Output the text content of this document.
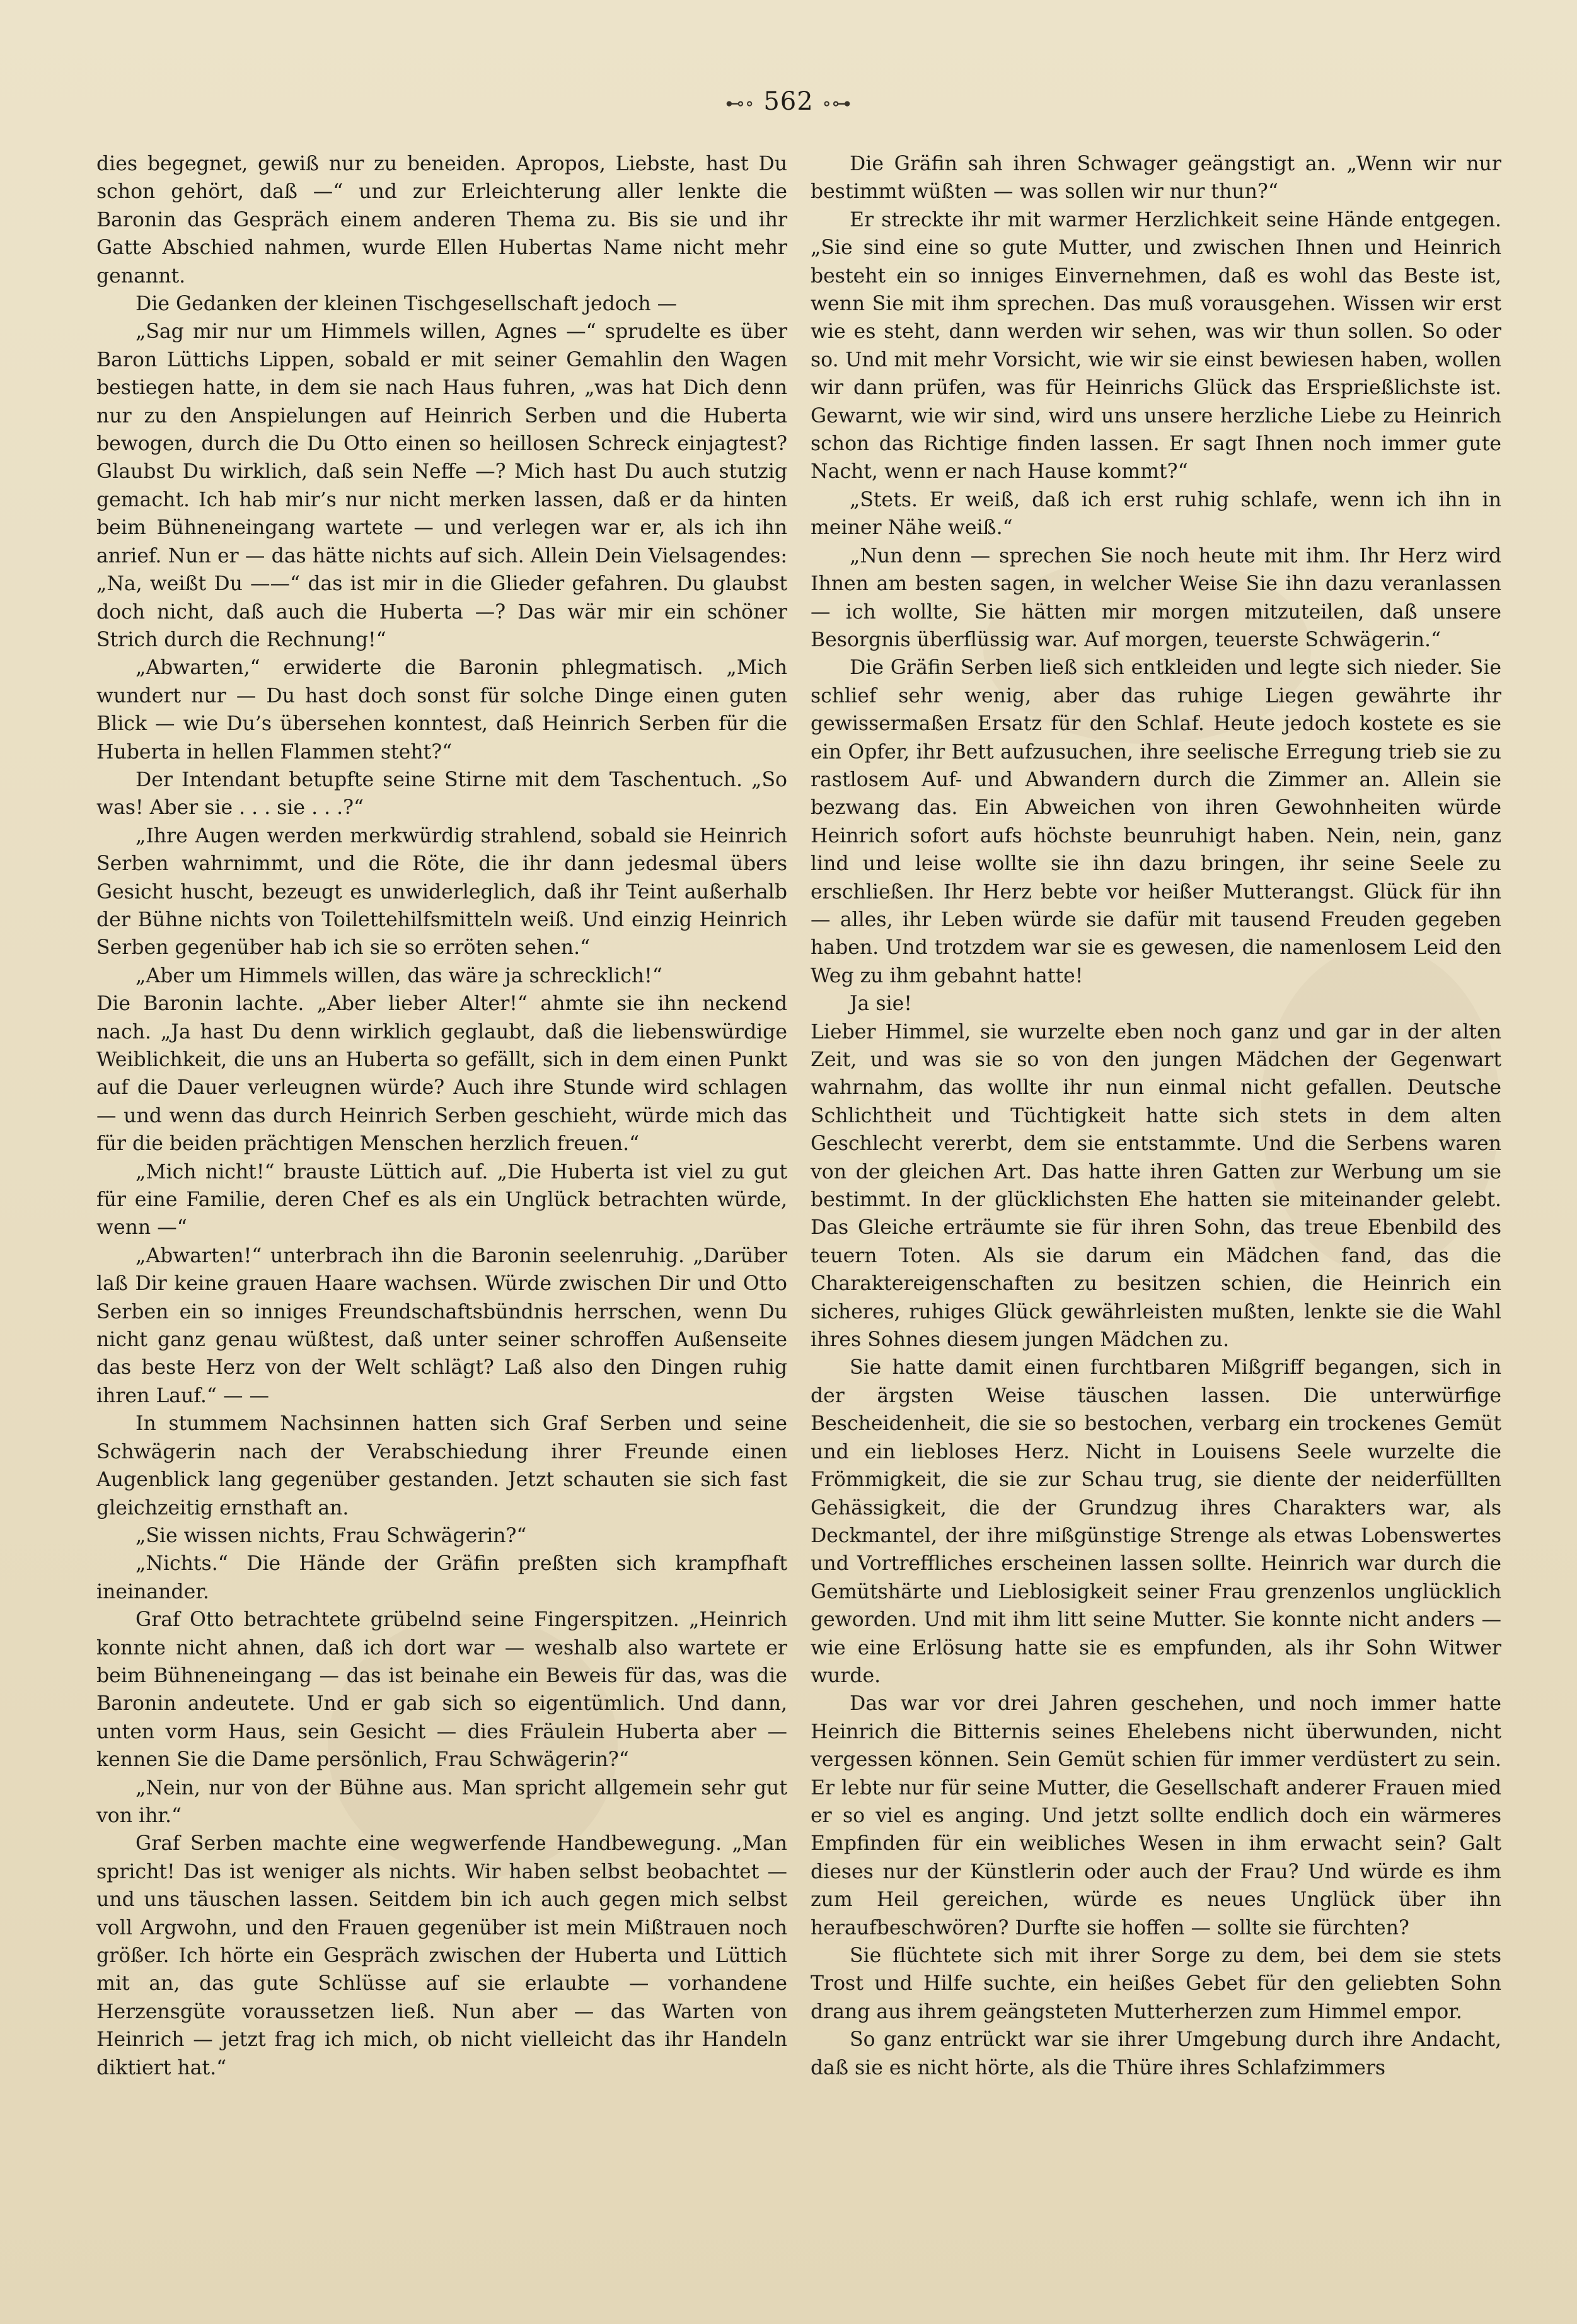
⊷∘ 562 ∘⊶

dies begegnet, gewiß nur zu beneiden. Apropos, Liebste, hast Du schon gehört, daß —“ und zur Erleichterung aller lenkte die Baronin das Gespräch einem anderen Thema zu. Bis sie und ihr Gatte Abschied nahmen, wurde Ellen Hubertas Name nicht mehr genannt.

Die Gedanken der kleinen Tischgesellschaft jedoch —

„Sag mir nur um Himmels willen, Agnes —“ sprudelte es über Baron Lüttichs Lippen, sobald er mit seiner Gemahlin den Wagen bestiegen hatte, in dem sie nach Haus fuhren, „was hat Dich denn nur zu den Anspielungen auf Heinrich Serben und die Huberta bewogen, durch die Du Otto einen so heillosen Schreck einjagtest? Glaubst Du wirklich, daß sein Neffe —? Mich hast Du auch stutzig gemacht. Ich hab mir’s nur nicht merken lassen, daß er da hinten beim Bühneneingang wartete — und verlegen war er, als ich ihn anrief. Nun er — das hätte nichts auf sich. Allein Dein Vielsagendes: „Na, weißt Du ——“ das ist mir in die Glieder gefahren. Du glaubst doch nicht, daß auch die Huberta —? Das wär mir ein schöner Strich durch die Rechnung!“

„Abwarten,“ erwiderte die Baronin phlegmatisch. „Mich wundert nur — Du hast doch sonst für solche Dinge einen guten Blick — wie Du’s übersehen konntest, daß Heinrich Serben für die Huberta in hellen Flammen steht?“

Der Intendant betupfte seine Stirne mit dem Taschentuch. „So was! Aber sie . . . sie . . .?“

„Ihre Augen werden merkwürdig strahlend, sobald sie Heinrich Serben wahrnimmt, und die Röte, die ihr dann jedesmal übers Gesicht huscht, bezeugt es unwiderleglich, daß ihr Teint außerhalb der Bühne nichts von Toilettehilfsmitteln weiß. Und einzig Heinrich Serben gegenüber hab ich sie so erröten sehen.“

„Aber um Himmels willen, das wäre ja schrecklich!“

Die Baronin lachte. „Aber lieber Alter!“ ahmte sie ihn neckend nach. „Ja hast Du denn wirklich geglaubt, daß die liebenswürdige Weiblichkeit, die uns an Huberta so gefällt, sich in dem einen Punkt auf die Dauer verleugnen würde? Auch ihre Stunde wird schlagen — und wenn das durch Heinrich Serben geschieht, würde mich das für die beiden prächtigen Menschen herzlich freuen.“

„Mich nicht!“ brauste Lüttich auf. „Die Huberta ist viel zu gut für eine Familie, deren Chef es als ein Unglück betrachten würde, wenn —“

„Abwarten!“ unterbrach ihn die Baronin seelenruhig. „Darüber laß Dir keine grauen Haare wachsen. Würde zwischen Dir und Otto Serben ein so inniges Freundschaftsbündnis herrschen, wenn Du nicht ganz genau wüßtest, daß unter seiner schroffen Außenseite das beste Herz von der Welt schlägt? Laß also den Dingen ruhig ihren Lauf.“ — —

In stummem Nachsinnen hatten sich Graf Serben und seine Schwägerin nach der Verabschiedung ihrer Freunde einen Augenblick lang gegenüber gestanden. Jetzt schauten sie sich fast gleichzeitig ernsthaft an.

„Sie wissen nichts, Frau Schwägerin?“

„Nichts.“ Die Hände der Gräfin preßten sich krampfhaft ineinander.

Graf Otto betrachtete grübelnd seine Fingerspitzen. „Heinrich konnte nicht ahnen, daß ich dort war — weshalb also wartete er beim Bühneneingang — das ist beinahe ein Beweis für das, was die Baronin andeutete. Und er gab sich so eigentümlich. Und dann, unten vorm Haus, sein Gesicht — dies Fräulein Huberta aber — kennen Sie die Dame persönlich, Frau Schwägerin?“

„Nein, nur von der Bühne aus. Man spricht allgemein sehr gut von ihr.“

Graf Serben machte eine wegwerfende Handbewegung. „Man spricht! Das ist weniger als nichts. Wir haben selbst beobachtet — und uns täuschen lassen. Seitdem bin ich auch gegen mich selbst voll Argwohn, und den Frauen gegenüber ist mein Mißtrauen noch größer. Ich hörte ein Gespräch zwischen der Huberta und Lüttich mit an, das gute Schlüsse auf sie erlaubte — vorhandene Herzensgüte voraussetzen ließ. Nun aber — das Warten von Heinrich — jetzt frag ich mich, ob nicht vielleicht das ihr Handeln diktiert hat.“

Die Gräfin sah ihren Schwager geängstigt an. „Wenn wir nur bestimmt wüßten — was sollen wir nur thun?“

Er streckte ihr mit warmer Herzlichkeit seine Hände entgegen. „Sie sind eine so gute Mutter, und zwischen Ihnen und Heinrich besteht ein so inniges Einvernehmen, daß es wohl das Beste ist, wenn Sie mit ihm sprechen. Das muß vorausgehen. Wissen wir erst wie es steht, dann werden wir sehen, was wir thun sollen. So oder so. Und mit mehr Vorsicht, wie wir sie einst bewiesen haben, wollen wir dann prüfen, was für Heinrichs Glück das Ersprießlichste ist. Gewarnt, wie wir sind, wird uns unsere herzliche Liebe zu Heinrich schon das Richtige finden lassen. Er sagt Ihnen noch immer gute Nacht, wenn er nach Hause kommt?“

„Stets. Er weiß, daß ich erst ruhig schlafe, wenn ich ihn in meiner Nähe weiß.“

„Nun denn — sprechen Sie noch heute mit ihm. Ihr Herz wird Ihnen am besten sagen, in welcher Weise Sie ihn dazu veranlassen — ich wollte, Sie hätten mir morgen mitzuteilen, daß unsere Besorgnis überflüssig war. Auf morgen, teuerste Schwägerin.“

Die Gräfin Serben ließ sich entkleiden und legte sich nieder. Sie schlief sehr wenig, aber das ruhige Liegen gewährte ihr gewissermaßen Ersatz für den Schlaf. Heute jedoch kostete es sie ein Opfer, ihr Bett aufzusuchen, ihre seelische Erregung trieb sie zu rastlosem Auf- und Abwandern durch die Zimmer an. Allein sie bezwang das. Ein Abweichen von ihren Gewohnheiten würde Heinrich sofort aufs höchste beunruhigt haben. Nein, nein, ganz lind und leise wollte sie ihn dazu bringen, ihr seine Seele zu erschließen. Ihr Herz bebte vor heißer Mutterangst. Glück für ihn — alles, ihr Leben würde sie dafür mit tausend Freuden gegeben haben. Und trotzdem war sie es gewesen, die namenlosem Leid den Weg zu ihm gebahnt hatte!

Ja sie!

Lieber Himmel, sie wurzelte eben noch ganz und gar in der alten Zeit, und was sie so von den jungen Mädchen der Gegenwart wahrnahm, das wollte ihr nun einmal nicht gefallen. Deutsche Schlichtheit und Tüchtigkeit hatte sich stets in dem alten Geschlecht vererbt, dem sie entstammte. Und die Serbens waren von der gleichen Art. Das hatte ihren Gatten zur Werbung um sie bestimmt. In der glücklichsten Ehe hatten sie miteinander gelebt. Das Gleiche erträumte sie für ihren Sohn, das treue Ebenbild des teuern Toten. Als sie darum ein Mädchen fand, das die Charaktereigenschaften zu besitzen schien, die Heinrich ein sicheres, ruhiges Glück gewährleisten mußten, lenkte sie die Wahl ihres Sohnes diesem jungen Mädchen zu.

Sie hatte damit einen furchtbaren Mißgriff begangen, sich in der ärgsten Weise täuschen lassen. Die unterwürfige Bescheidenheit, die sie so bestochen, verbarg ein trockenes Gemüt und ein liebloses Herz. Nicht in Louisens Seele wurzelte die Frömmigkeit, die sie zur Schau trug, sie diente der neiderfüllten Gehässigkeit, die der Grundzug ihres Charakters war, als Deckmantel, der ihre mißgünstige Strenge als etwas Lobenswertes und Vortreffliches erscheinen lassen sollte. Heinrich war durch die Gemütshärte und Lieblosigkeit seiner Frau grenzenlos unglücklich geworden. Und mit ihm litt seine Mutter. Sie konnte nicht anders — wie eine Erlösung hatte sie es empfunden, als ihr Sohn Witwer wurde.

Das war vor drei Jahren geschehen, und noch immer hatte Heinrich die Bitternis seines Ehelebens nicht überwunden, nicht vergessen können. Sein Gemüt schien für immer verdüstert zu sein. Er lebte nur für seine Mutter, die Gesellschaft anderer Frauen mied er so viel es anging. Und jetzt sollte endlich doch ein wärmeres Empfinden für ein weibliches Wesen in ihm erwacht sein? Galt dieses nur der Künstlerin oder auch der Frau? Und würde es ihm zum Heil gereichen, würde es neues Unglück über ihn heraufbeschwören? Durfte sie hoffen — sollte sie fürchten?

Sie flüchtete sich mit ihrer Sorge zu dem, bei dem sie stets Trost und Hilfe suchte, ein heißes Gebet für den geliebten Sohn drang aus ihrem geängsteten Mutterherzen zum Himmel empor.

So ganz entrückt war sie ihrer Umgebung durch ihre Andacht, daß sie es nicht hörte, als die Thüre ihres Schlafzimmers
